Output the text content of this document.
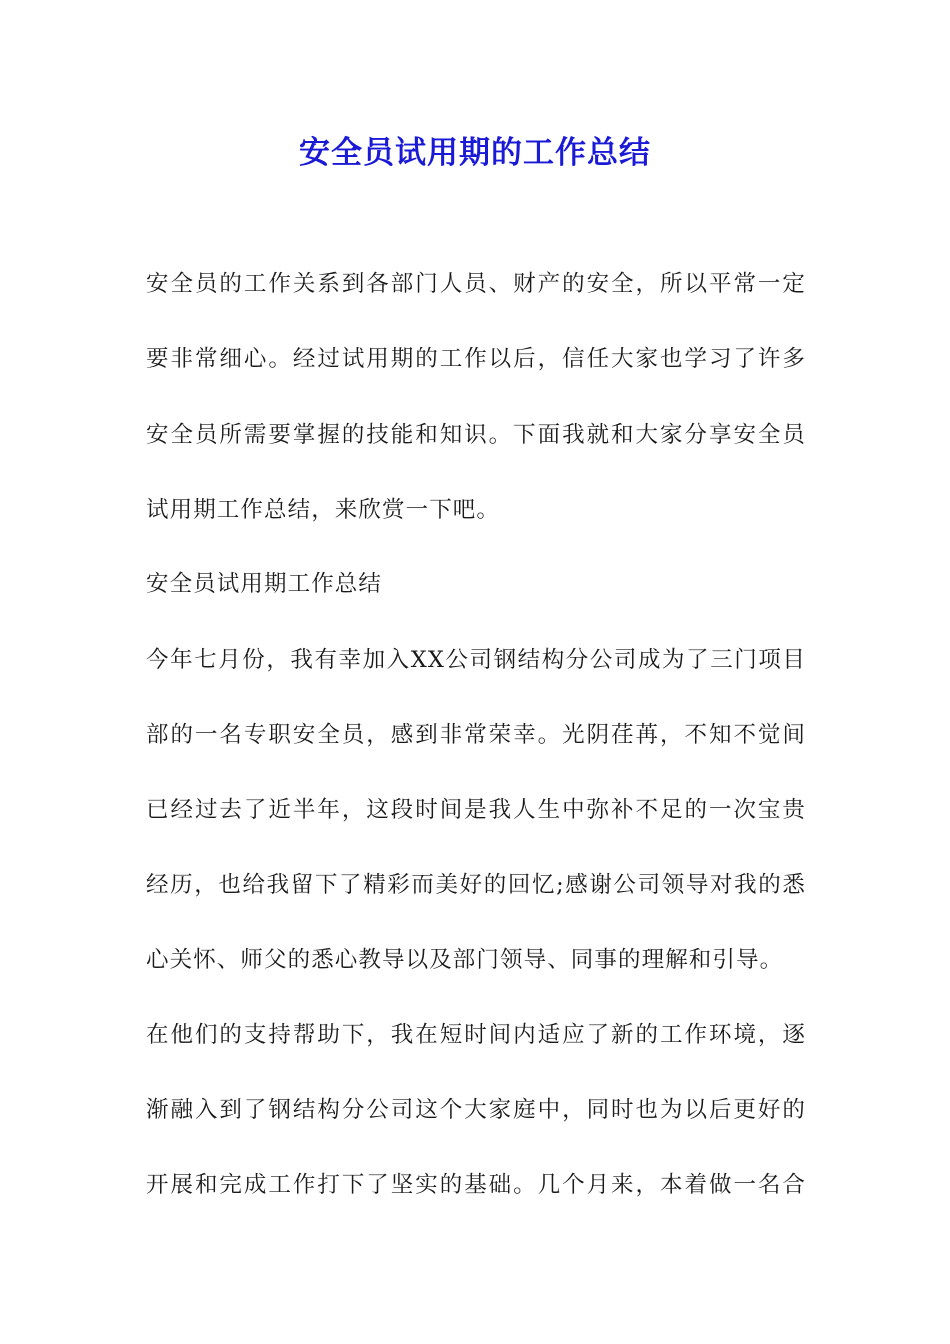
安全员试用期的工作总结
安全员的工作关系到各部门人员、财产的安全，所以平常一定
要非常细心。经过试用期的工作以后，信任大家也学习了许多
安全员所需要掌握的技能和知识。下面我就和大家分享安全员
试用期工作总结，来欣赏一下吧。
安全员试用期工作总结
今年七月份，我有幸加入XX公司钢结构分公司成为了三门项目
部的一名专职安全员，感到非常荣幸。光阴荏苒，不知不觉间
已经过去了近半年，这段时间是我人生中弥补不足的一次宝贵
经历，也给我留下了精彩而美好的回忆;感谢公司领导对我的悉
心关怀、师父的悉心教导以及部门领导、同事的理解和引导。
在他们的支持帮助下，我在短时间内适应了新的工作环境，逐
渐融入到了钢结构分公司这个大家庭中，同时也为以后更好的
开展和完成工作打下了坚实的基础。几个月来，本着做一名合
